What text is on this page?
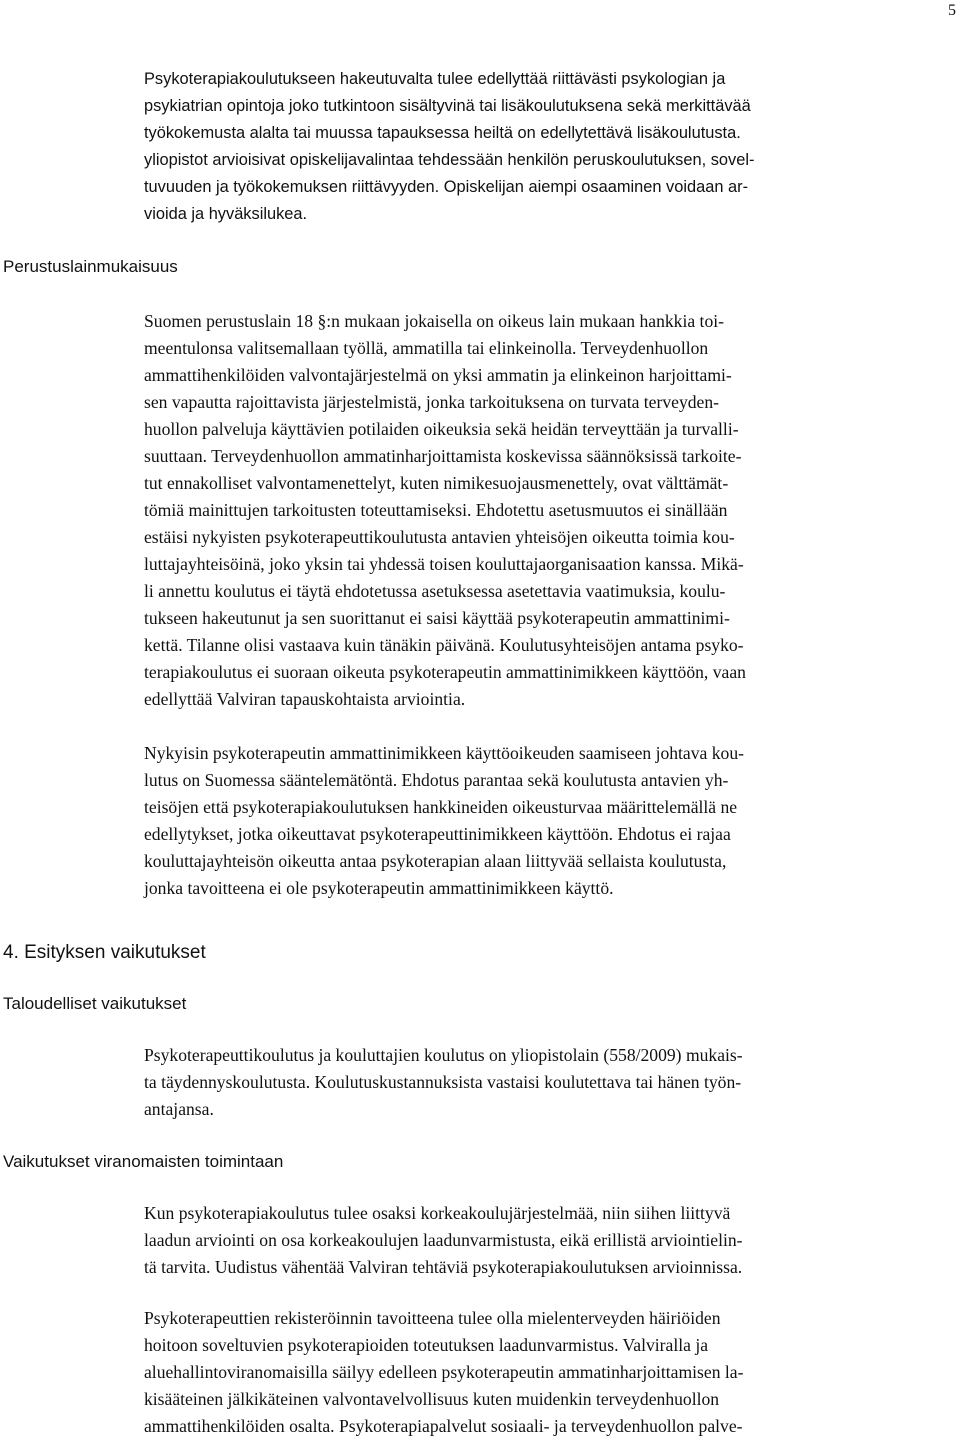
5

Psykoterapiakoulutukseen hakeutuvalta tulee edellyttää riittävästi psykologian ja
psykiatrian opintoja joko tutkintoon sisältyvinä tai lisäkoulutuksena sekä merkittävää
työkokemusta alalta tai muussa tapauksessa heiltä on edellytettävä lisäkoulutusta.
yliopistot arvioisivat opiskelijavalintaa tehdessään henkilön peruskoulutuksen, sovel-
tuvuuden ja työkokemuksen riittävyyden. Opiskelijan aiempi osaaminen voidaan ar-
vioida ja hyväksilukea.

Perustuslainmukaisuus

Suomen perustuslain 18 §:n mukaan jokaisella on oikeus lain mukaan hankkia toi-
meentulonsa valitsemallaan työllä, ammatilla tai elinkeinolla. Terveydenhuollon
ammattihenkilöiden valvontajärjestelmä on yksi ammatin ja elinkeinon harjoittami-
sen vapautta rajoittavista järjestelmistä, jonka tarkoituksena on turvata terveyden-
huollon palveluja käyttävien potilaiden oikeuksia sekä heidän terveyttään ja turvalli-
suuttaan. Terveydenhuollon ammatinharjoittamista koskevissa säännöksissä tarkoite-
tut ennakolliset valvontamenettelyt, kuten nimikesuojausmenettely, ovat välttämät-
tömiä mainittujen tarkoitusten toteuttamiseksi. Ehdotettu asetusmuutos ei sinällään
estäisi nykyisten psykoterapeuttikoulutusta antavien yhteisöjen oikeutta toimia kou-
luttajayhteisöinä, joko yksin tai yhdessä toisen kouluttajaorganisaation kanssa. Mikä-
li annettu koulutus ei täytä ehdotetussa asetuksessa asetettavia vaatimuksia, koulu-
tukseen hakeutunut ja sen suorittanut ei saisi käyttää psykoterapeutin ammattinimi-
kettä. Tilanne olisi vastaava kuin tänäkin päivänä. Koulutusyhteisöjen antama psyko-
terapiakoulutus ei suoraan oikeuta psykoterapeutin ammattinimikkeen käyttöön, vaan
edellyttää Valviran tapauskohtaista arviointia.

Nykyisin psykoterapeutin ammattinimikkeen käyttöoikeuden saamiseen johtava kou-
lutus on Suomessa sääntelemätöntä. Ehdotus parantaa sekä koulutusta antavien yh-
teisöjen että psykoterapiakoulutuksen hankkineiden oikeusturvaa määrittelemällä ne
edellytykset, jotka oikeuttavat psykoterapeuttinimikkeen käyttöön. Ehdotus ei rajaa
kouluttajayhteisön oikeutta antaa psykoterapian alaan liittyvää sellaista koulutusta,
jonka tavoitteena ei ole psykoterapeutin ammattinimikkeen käyttö.

4. Esityksen vaikutukset
Taloudelliset vaikutukset

Psykoterapeuttikoulutus ja kouluttajien koulutus on yliopistolain (558/2009) mukais-
ta täydennyskoulutusta. Koulutuskustannuksista vastaisi koulutettava tai hänen työn-
antajansa.

Vaikutukset viranomaisten toimintaan

Kun psykoterapiakoulutus tulee osaksi korkeakoulujärjestelmää, niin siihen liittyvä
laadun arviointi on osa korkeakoulujen laadunvarmistusta, eikä erillistä arviointielin-
tä tarvita. Uudistus vähentää Valviran tehtäviä psykoterapiakoulutuksen arvioinnissa.

Psykoterapeuttien rekisteröinnin tavoitteena tulee olla mielenterveyden häiriöiden
hoitoon soveltuvien psykoterapioiden toteutuksen laadunvarmistus. Valviralla ja
aluehallintoviranomaisilla säilyy edelleen psykoterapeutin ammatinharjoittamisen la-
kisääteinen jälkikäteinen valvontavelvollisuus kuten muidenkin terveydenhuollon
ammattihenkilöiden osalta. Psykoterapiapalvelut sosiaali- ja terveydenhuollon palve-
